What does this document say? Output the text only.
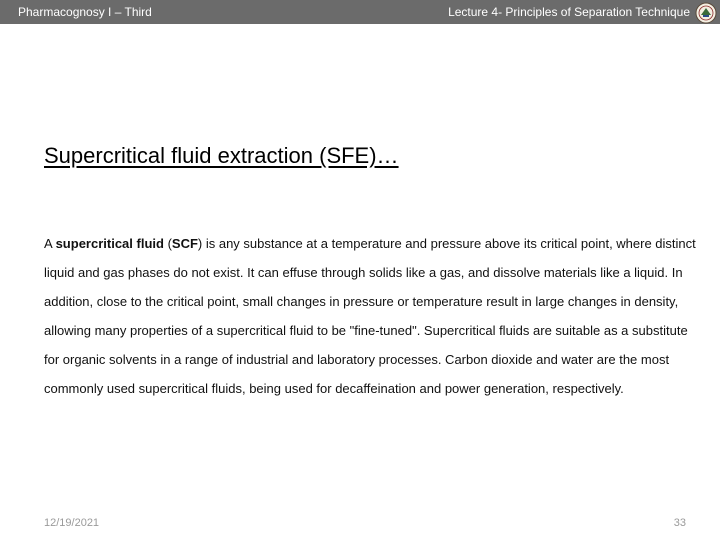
Pharmacognosy I – Third	Lecture 4- Principles of Separation Technique
Supercritical fluid extraction (SFE)…

A supercritical fluid (SCF) is any substance at a temperature and pressure above its critical point, where distinct liquid and gas phases do not exist. It can effuse through solids like a gas, and dissolve materials like a liquid. In addition, close to the critical point, small changes in pressure or temperature result in large changes in density, allowing many properties of a supercritical fluid to be "fine-tuned". Supercritical fluids are suitable as a substitute for organic solvents in a range of industrial and laboratory processes. Carbon dioxide and water are the most commonly used supercritical fluids, being used for decaffeination and power generation, respectively.

12/19/2021	33
